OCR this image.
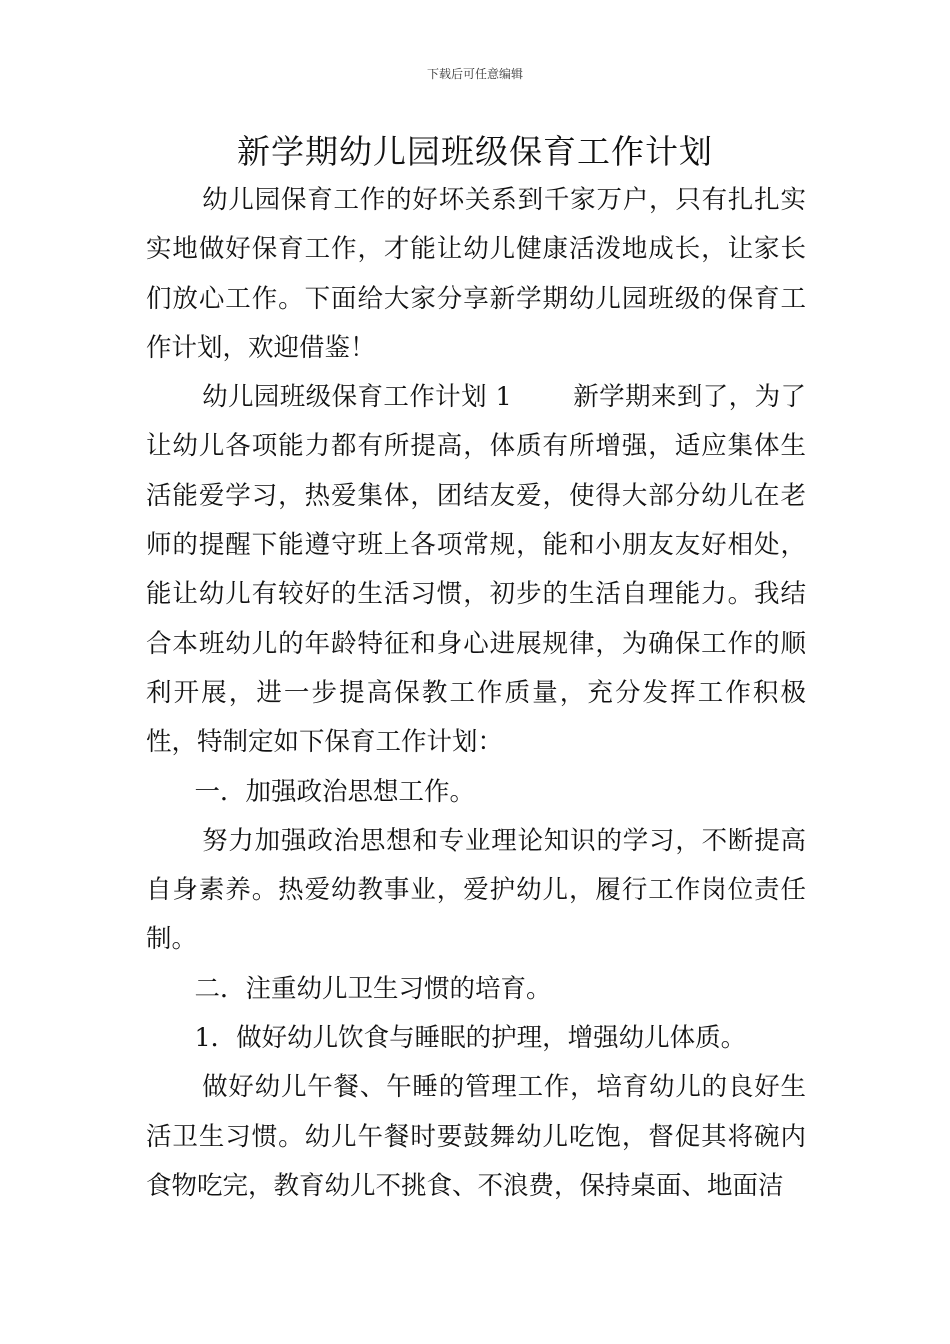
下载后可任意编辑
新学期幼儿园班级保育工作计划

幼儿园保育工作的好坏关系到千家万户，只有扎扎实实地做好保育工作，才能让幼儿健康活泼地成长，让家长们放心工作。下面给大家分享新学期幼儿园班级的保育工作计划，欢迎借鉴！

幼儿园班级保育工作计划 1 新学期来到了，为了让幼儿各项能力都有所提高，体质有所增强，适应集体生活能爱学习，热爱集体，团结友爱，使得大部分幼儿在老师的提醒下能遵守班上各项常规，能和小朋友友好相处，能让幼儿有较好的生活习惯，初步的生活自理能力。我结合本班幼儿的年龄特征和身心进展规律，为确保工作的顺利开展，进一步提高保教工作质量，充分发挥工作积极性，特制定如下保育工作计划：

一．加强政治思想工作。

努力加强政治思想和专业理论知识的学习，不断提高自身素养。热爱幼教事业，爱护幼儿，履行工作岗位责任制。

二．注重幼儿卫生习惯的培育。

1．做好幼儿饮食与睡眠的护理，增强幼儿体质。

做好幼儿午餐、午睡的管理工作，培育幼儿的良好生活卫生习惯。幼儿午餐时要鼓舞幼儿吃饱，督促其将碗内食物吃完，教育幼儿不挑食、不浪费，保持桌面、地面洁
